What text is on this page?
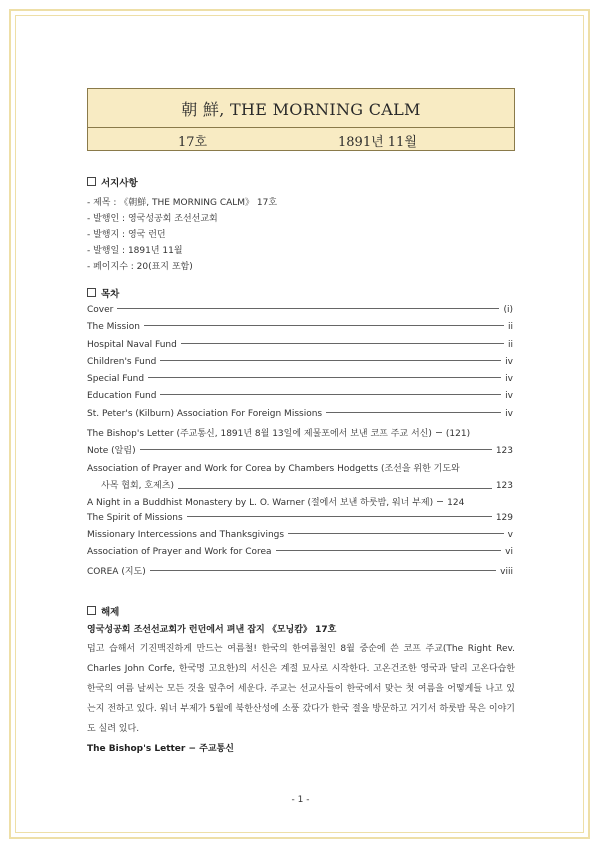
朝 鮮, THE MORNING CALM
17호	1891년 11월
서지사항
- 제목 : 《朝鮮, THE MORNING CALM》 17호
- 발행인 : 영국성공회 조선선교회
- 발행지 : 영국 런던
- 발행일 : 1891년 11월
- 페이지수 : 20(표지 포함)
목차
Cover	(i)
The Mission	ii
Hospital Naval Fund	ii
Children's Fund	iv
Special Fund	iv
Education Fund	iv
St. Peter's (Kilburn) Association For Foreign Missions	iv
The Bishop's Letter (주교통신, 1891년 8월 13일에 제물포에서 보낸 코프 주교 서신) (121)
Note (알림)	123
Association of Prayer and Work for Corea by Chambers Hodgetts (조선을 위한 기도와
사목 협회, 호제츠)	123
A Night in a Buddhist Monastery by L. O. Warner (절에서 보낸 하룻밤, 워너 부제) 124
The Spirit of Missions	129
Missionary Intercessions and Thanksgivings	v
Association of Prayer and Work for Corea	vi
COREA (지도)	viii
해제
영국성공회 조선선교회가 런던에서 펴낸 잡지 《모닝캄》 17호

덥고 습해서 기진맥진하게 만드는 여름철! 한국의 한여름철인 8월 중순에 쓴 코프 주교(The Right Rev. Charles John Corfe, 한국명 고요한)의 서신은 계절 묘사로 시작한다. 고온건조한 영국과 달리 고온다습한 한국의 여름 날씨는 모든 것을 덮추어 세운다. 주교는 선교사들이 한국에서 맞는 첫 여름을 어떻게들 나고 있는지 전하고 있다. 워너 부제가 5월에 북한산성에 소풍 갔다가 한국 절을 방문하고 거기서 하룻밤 묵은 이야기도 실려 있다.

The Bishop's Letter − 주교통신
- 1 -
